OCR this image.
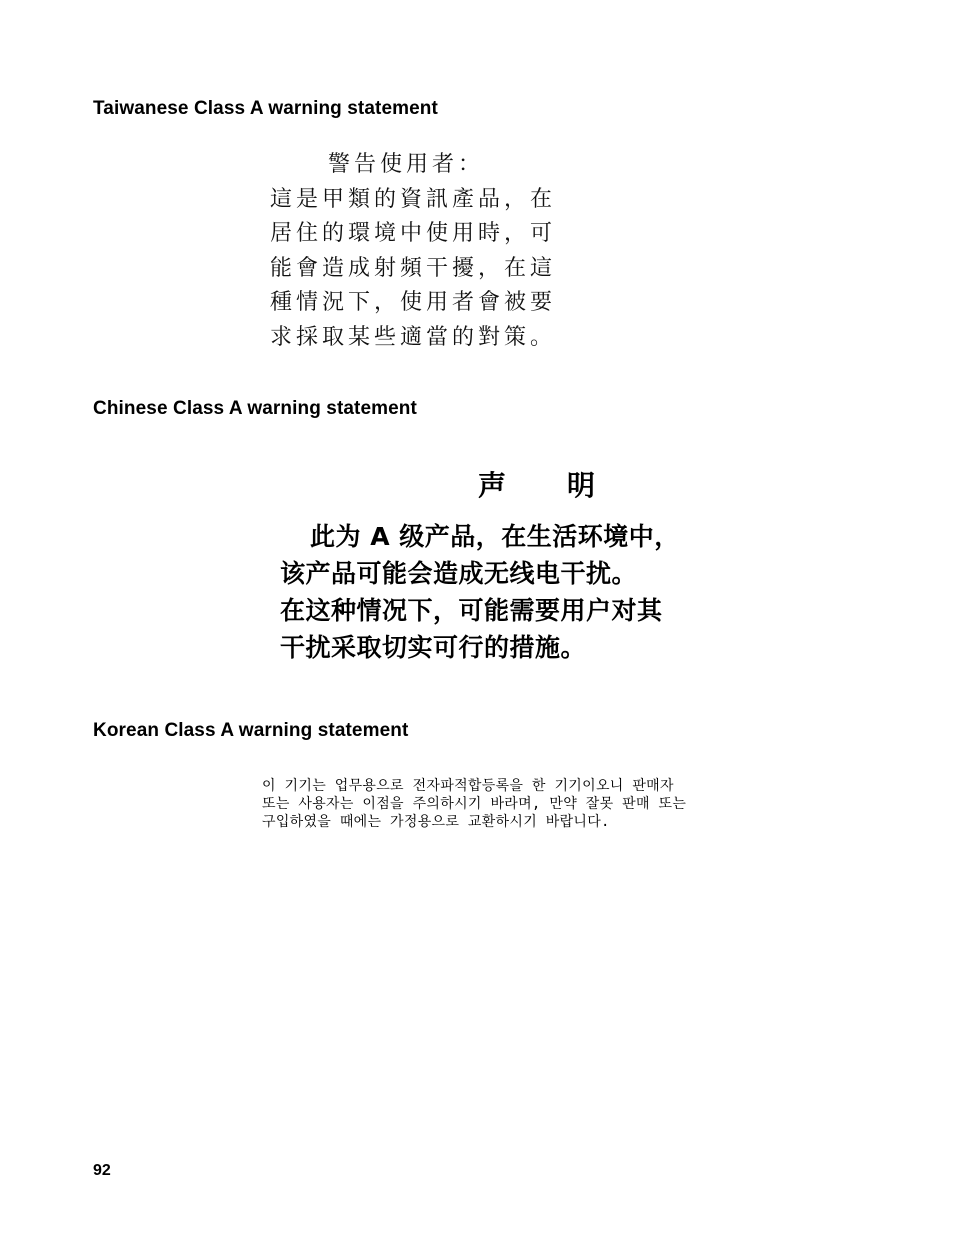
Taiwanese Class A warning statement
警告使用者：
這是甲類的資訊產品，在
居住的環境中使用時，可
能會造成射頻干擾，在這
種情況下，使用者會被要
求採取某些適當的對策。
Chinese Class A warning statement
声 明
此为 A 级产品，在生活环境中，
该产品可能会造成无线电干扰。
在这种情况下，可能需要用户对其
干扰采取切实可行的措施。
Korean Class A warning statement
이 기기는 업무용으로 전자파적합등록을 한 기기이오니 판매자
또는 사용자는 이점을 주의하시기 바라며, 만약 잘못 판매 또는
구입하였을 때에는 가정용으로 교환하시기 바랍니다.
92
